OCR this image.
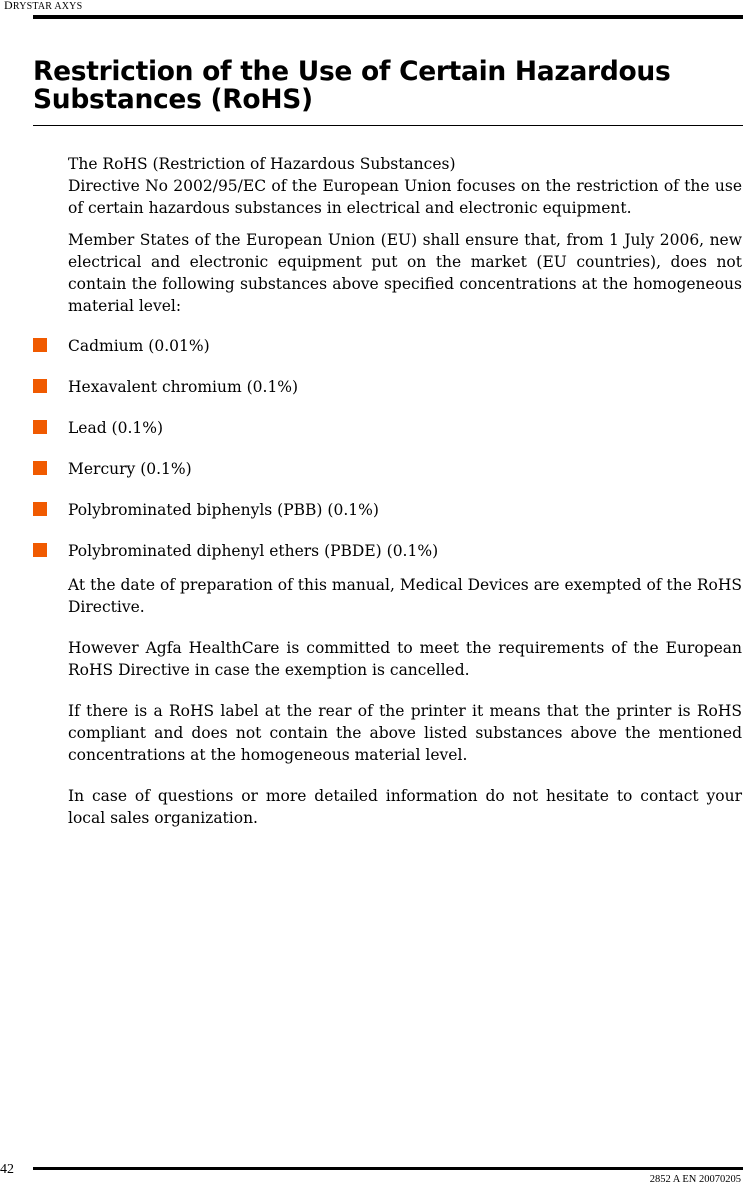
DRYSTAR AXYS
Restriction of the Use of Certain Hazardous
Substances (RoHS)

The RoHS (Restriction of Hazardous Substances)
Directive No 2002/95/EC of the European Union focuses on the restriction of the use of certain hazardous substances in electrical and electronic equipment.

Member States of the European Union (EU) shall ensure that, from 1 July 2006, new electrical and electronic equipment put on the market (EU countries), does not contain the following substances above specified concentrations at the homogeneous material level:

Cadmium (0.01%)
Hexavalent chromium (0.1%)
Lead (0.1%)
Mercury (0.1%)
Polybrominated biphenyls (PBB) (0.1%)
Polybrominated diphenyl ethers (PBDE) (0.1%)

At the date of preparation of this manual, Medical Devices are exempted of the RoHS Directive.

However Agfa HealthCare is committed to meet the requirements of the European RoHS Directive in case the exemption is cancelled.

If there is a RoHS label at the rear of the printer it means that the printer is RoHS compliant and does not contain the above listed substances above the mentioned concentrations at the homogeneous material level.

In case of questions or more detailed information do not hesitate to contact your local sales organization.

42
2852 A EN 20070205
